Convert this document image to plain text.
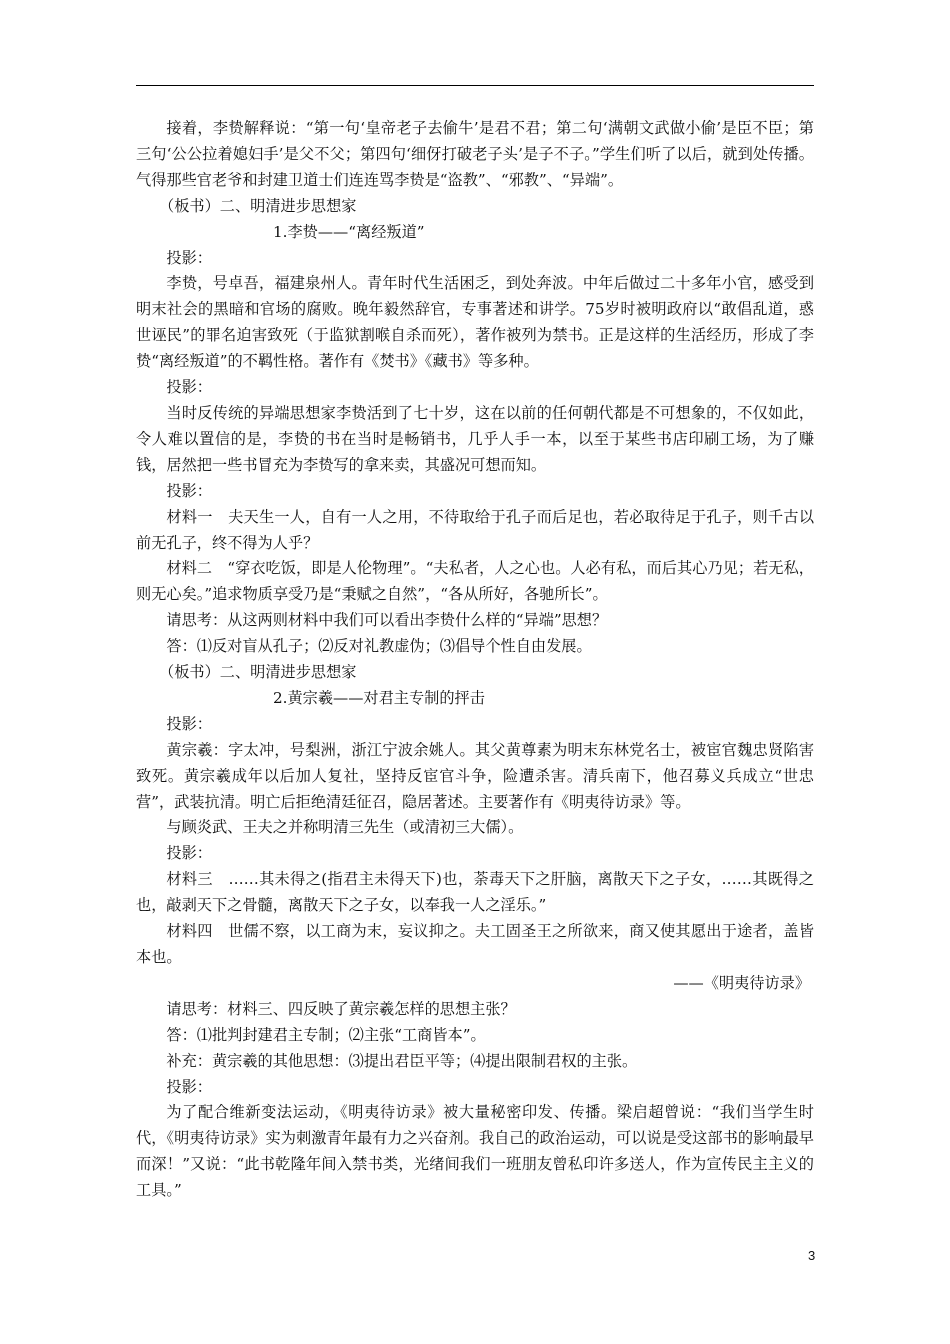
接着，李贽解释说：“第一句‘皇帝老子去偷牛’是君不君；第二句‘满朝文武做小偷’是臣不臣；第三句‘公公拉着媳妇手’是父不父；第四句‘细伢打破老子头’是子不子。”学生们听了以后，就到处传播。气得那些官老爷和封建卫道士们连连骂李贽是“盗教”、“邪教”、“异端”。

（板书）二、明清进步思想家

1.李贽——“离经叛道”

投影：

李贽，号卓吾，福建泉州人。青年时代生活困乏，到处奔波。中年后做过二十多年小官，感受到明末社会的黑暗和官场的腐败。晚年毅然辞官，专事著述和讲学。75岁时被明政府以“敢倡乱道，惑世诬民”的罪名迫害致死（于监狱割喉自杀而死），著作被列为禁书。正是这样的生活经历，形成了李贽“离经叛道”的不羁性格。著作有《焚书》《藏书》等多种。

投影：

当时反传统的异端思想家李贽活到了七十岁，这在以前的任何朝代都是不可想象的，不仅如此，令人难以置信的是，李贽的书在当时是畅销书，几乎人手一本，以至于某些书店印刷工场，为了赚钱，居然把一些书冒充为李贽写的拿来卖，其盛况可想而知。

投影：

材料一　夫天生一人，自有一人之用，不待取给于孔子而后足也，若必取待足于孔子，则千古以前无孔子，终不得为人乎？

材料二　“穿衣吃饭，即是人伦物理”。“夫私者，人之心也。人必有私，而后其心乃见；若无私，则无心矣。”追求物质享受乃是“秉赋之自然”，“各从所好，各驰所长”。

请思考：从这两则材料中我们可以看出李贽什么样的“异端”思想？

答：⑴反对盲从孔子；⑵反对礼教虚伪；⑶倡导个性自由发展。

（板书）二、明清进步思想家

2.黄宗羲——对君主专制的抨击

投影：

黄宗羲：字太冲，号梨洲，浙江宁波余姚人。其父黄尊素为明末东林党名士，被宦官魏忠贤陷害致死。黄宗羲成年以后加人复社，坚持反宦官斗争，险遭杀害。清兵南下，他召募义兵成立“世忠营”，武装抗清。明亡后拒绝清廷征召，隐居著述。主要著作有《明夷待访录》等。

与顾炎武、王夫之并称明清三先生（或清初三大儒）。

投影：

材料三　……其未得之(指君主未得天下)也，荼毒天下之肝脑，离散天下之子女，……其既得之也，敲剥天下之骨髓，离散天下之子女，以奉我一人之淫乐。”

材料四　世儒不察，以工商为末，妄议抑之。夫工固圣王之所欲来，商又使其愿出于途者，盖皆本也。

——《明夷待访录》

请思考：材料三、四反映了黄宗羲怎样的思想主张？

答：⑴批判封建君主专制；⑵主张“工商皆本”。

补充：黄宗羲的其他思想：⑶提出君臣平等；⑷提出限制君权的主张。

投影：

为了配合维新变法运动，《明夷待访录》被大量秘密印发、传播。梁启超曾说：“我们当学生时代，《明夷待访录》实为刺激青年最有力之兴奋剂。我自己的政治运动，可以说是受这部书的影响最早而深！”又说：“此书乾隆年间入禁书类，光绪间我们一班朋友曾私印许多送人，作为宣传民主主义的工具。”

3
